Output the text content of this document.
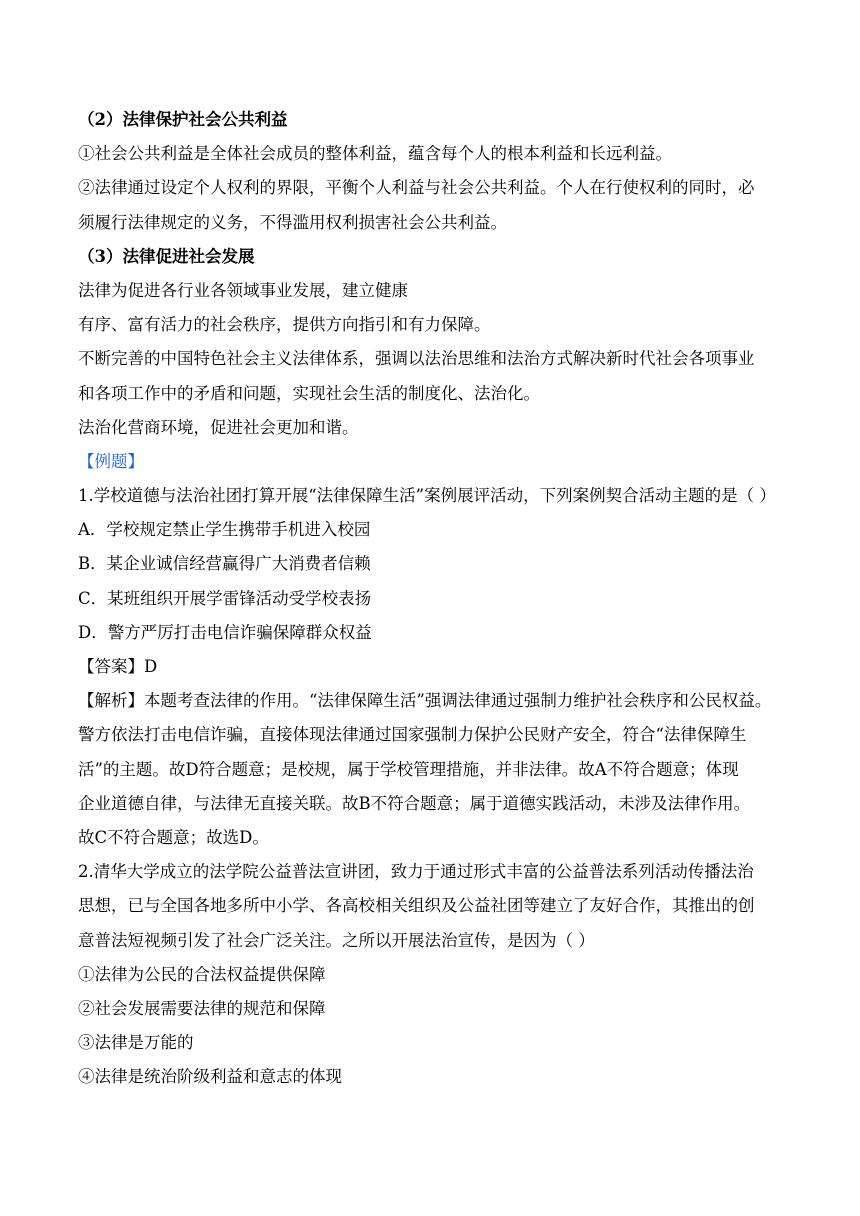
（2）法律保护社会公共利益
①社会公共利益是全体社会成员的整体利益，蕴含每个人的根本利益和长远利益。
②法律通过设定个人权利的界限，平衡个人利益与社会公共利益。个人在行使权利的同时，必
须履行法律规定的义务，不得滥用权利损害社会公共利益。
（3）法律促进社会发展
法律为促进各行业各领域事业发展，建立健康
有序、富有活力的社会秩序，提供方向指引和有力保障。
不断完善的中国特色社会主义法律体系，强调以法治思维和法治方式解决新时代社会各项事业
和各项工作中的矛盾和问题，实现社会生活的制度化、法治化。
法治化营商环境，促进社会更加和谐。
【例题】
1.学校道德与法治社团打算开展“法律保障生活”案例展评活动，下列案例契合活动主题的是（ ）
A．学校规定禁止学生携带手机进入校园
B．某企业诚信经营赢得广大消费者信赖
C．某班组织开展学雷锋活动受学校表扬
D．警方严厉打击电信诈骗保障群众权益
【答案】D
【解析】本题考查法律的作用。“法律保障生活”强调法律通过强制力维护社会秩序和公民权益。
警方依法打击电信诈骗，直接体现法律通过国家强制力保护公民财产安全，符合“法律保障生
活”的主题。故D符合题意；是校规，属于学校管理措施，并非法律。故A不符合题意；体现
企业道德自律，与法律无直接关联。故B不符合题意；属于道德实践活动，未涉及法律作用。
故C不符合题意；故选D。
2.清华大学成立的法学院公益普法宣讲团，致力于通过形式丰富的公益普法系列活动传播法治
思想，已与全国各地多所中小学、各高校相关组织及公益社团等建立了友好合作，其推出的创
意普法短视频引发了社会广泛关注。之所以开展法治宣传，是因为（ ）
①法律为公民的合法权益提供保障
②社会发展需要法律的规范和保障
③法律是万能的
④法律是统治阶级利益和意志的体现
